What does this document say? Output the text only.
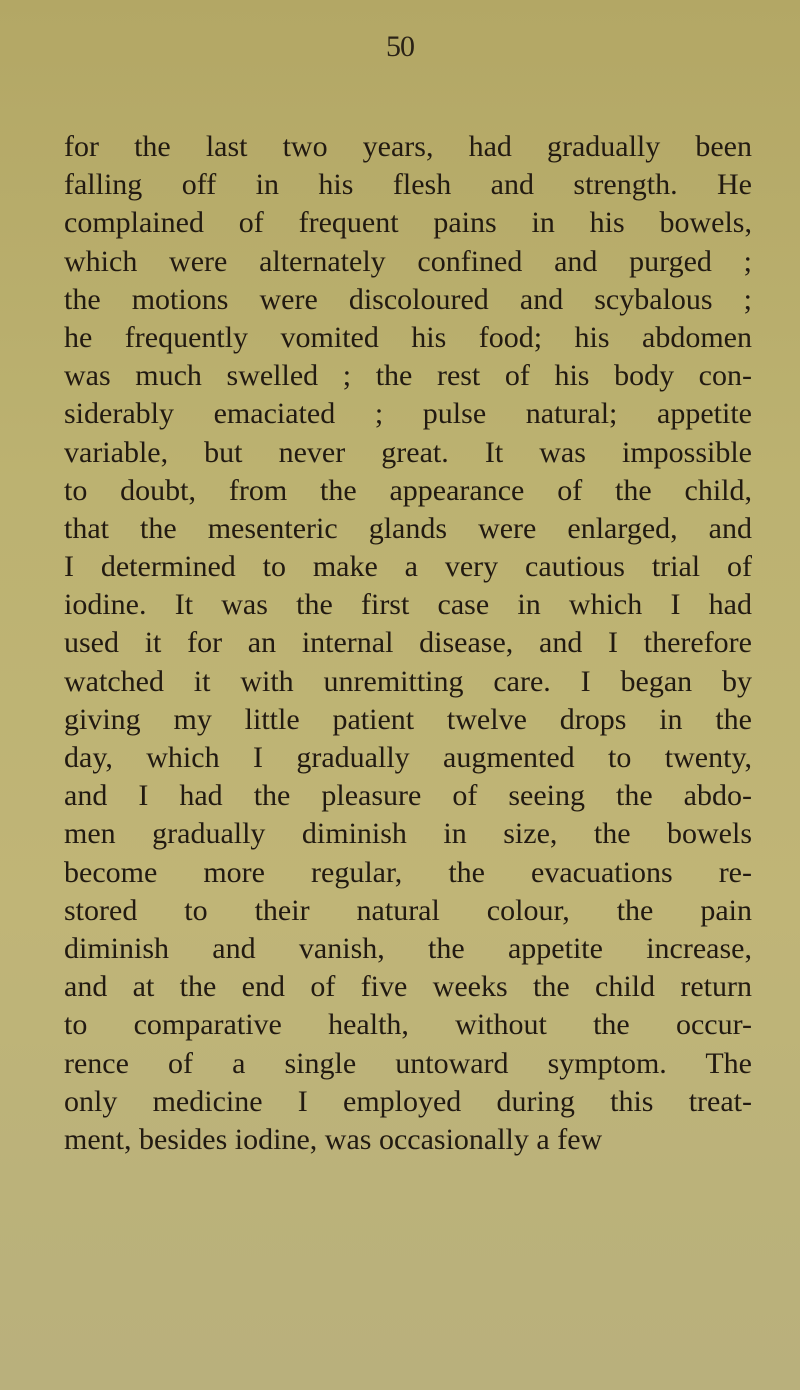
50
for the last two years, had gradually been
falling off in his flesh and strength. He
complained of frequent pains in his bowels,
which were alternately confined and purged ;
the motions were discoloured and scybalous ;
he frequently vomited his food; his abdomen
was much swelled ; the rest of his body con-
siderably emaciated ; pulse natural; appetite
variable, but never great. It was impossible
to doubt, from the appearance of the child,
that the mesenteric glands were enlarged, and
I determined to make a very cautious trial of
iodine. It was the first case in which I had
used it for an internal disease, and I therefore
watched it with unremitting care. I began by
giving my little patient twelve drops in the
day, which I gradually augmented to twenty,
and I had the pleasure of seeing the abdo-
men gradually diminish in size, the bowels
become more regular, the evacuations re-
stored to their natural colour, the pain
diminish and vanish, the appetite increase,
and at the end of five weeks the child return
to comparative health, without the occur-
rence of a single untoward symptom. The
only medicine I employed during this treat-
ment, besides iodine, was occasionally a few
